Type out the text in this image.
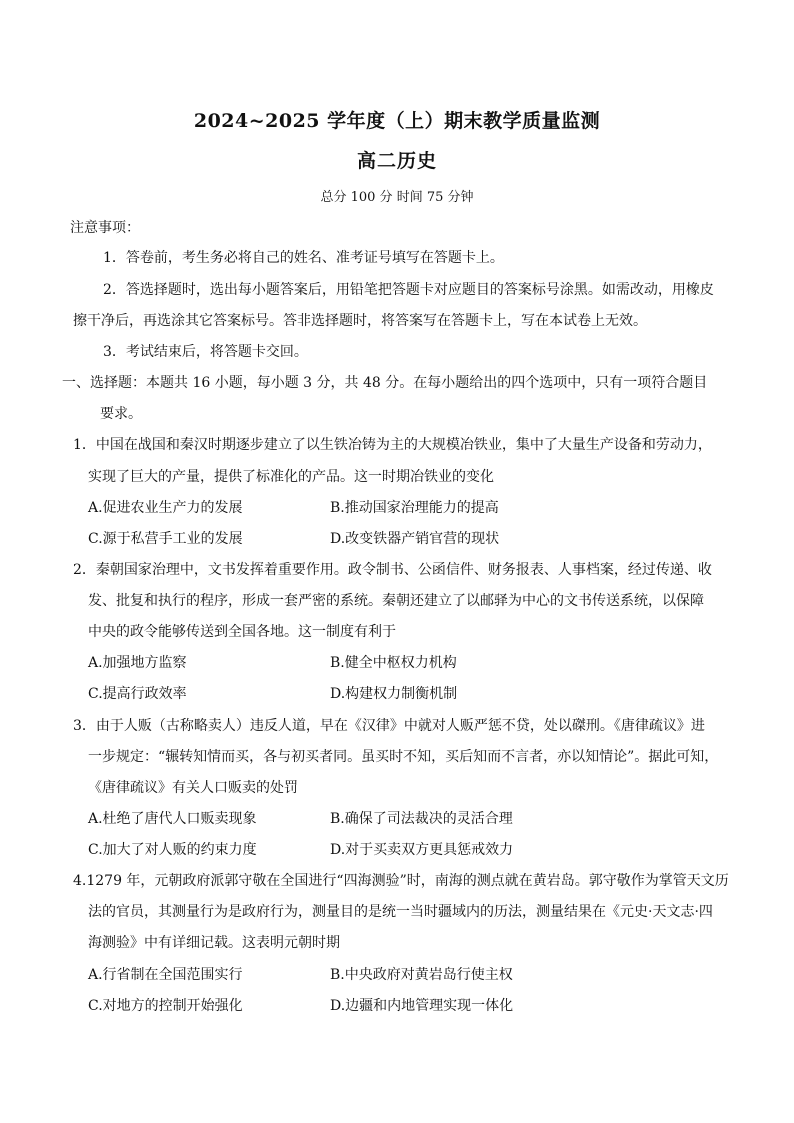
2024~2025 学年度（上）期末教学质量监测
高二历史
总分 100 分 时间 75 分钟
注意事项：
1．答卷前，考生务必将自己的姓名、准考证号填写在答题卡上。
2．答选择题时，选出每小题答案后，用铅笔把答题卡对应题目的答案标号涂黑。如需改动，用橡皮
擦干净后，再选涂其它答案标号。答非选择题时，将答案写在答题卡上，写在本试卷上无效。
3．考试结束后，将答题卡交回。
一、选择题：本题共 16 小题，每小题 3 分，共 48 分。在每小题给出的四个选项中，只有一项符合题目
要求。
1．中国在战国和秦汉时期逐步建立了以生铁冶铸为主的大规模冶铁业，集中了大量生产设备和劳动力，
实现了巨大的产量，提供了标准化的产品。这一时期冶铁业的变化
A.促进农业生产力的发展	B.推动国家治理能力的提高
C.源于私营手工业的发展	D.改变铁器产销官营的现状
2．秦朝国家治理中，文书发挥着重要作用。政令制书、公函信件、财务报表、人事档案，经过传递、收
发、批复和执行的程序，形成一套严密的系统。秦朝还建立了以邮驿为中心的文书传送系统，以保障
中央的政令能够传送到全国各地。这一制度有利于
A.加强地方监察	B.健全中枢权力机构
C.提高行政效率	D.构建权力制衡机制
3．由于人贩（古称略卖人）违反人道，早在《汉律》中就对人贩严惩不贷，处以磔刑。《唐律疏议》进
一步规定：“辗转知情而买，各与初买者同。虽买时不知，买后知而不言者，亦以知情论”。据此可知，
《唐律疏议》有关人口贩卖的处罚
A.杜绝了唐代人口贩卖现象	B.确保了司法裁决的灵活合理
C.加大了对人贩的约束力度	D.对于买卖双方更具惩戒效力
4.1279 年，元朝政府派郭守敬在全国进行“四海测验”时，南海的测点就在黄岩岛。郭守敬作为掌管天文历
法的官员，其测量行为是政府行为，测量目的是统一当时疆域内的历法，测量结果在《元史·天文志·四
海测验》中有详细记载。这表明元朝时期
A.行省制在全国范围实行	B.中央政府对黄岩岛行使主权
C.对地方的控制开始强化	D.边疆和内地管理实现一体化
